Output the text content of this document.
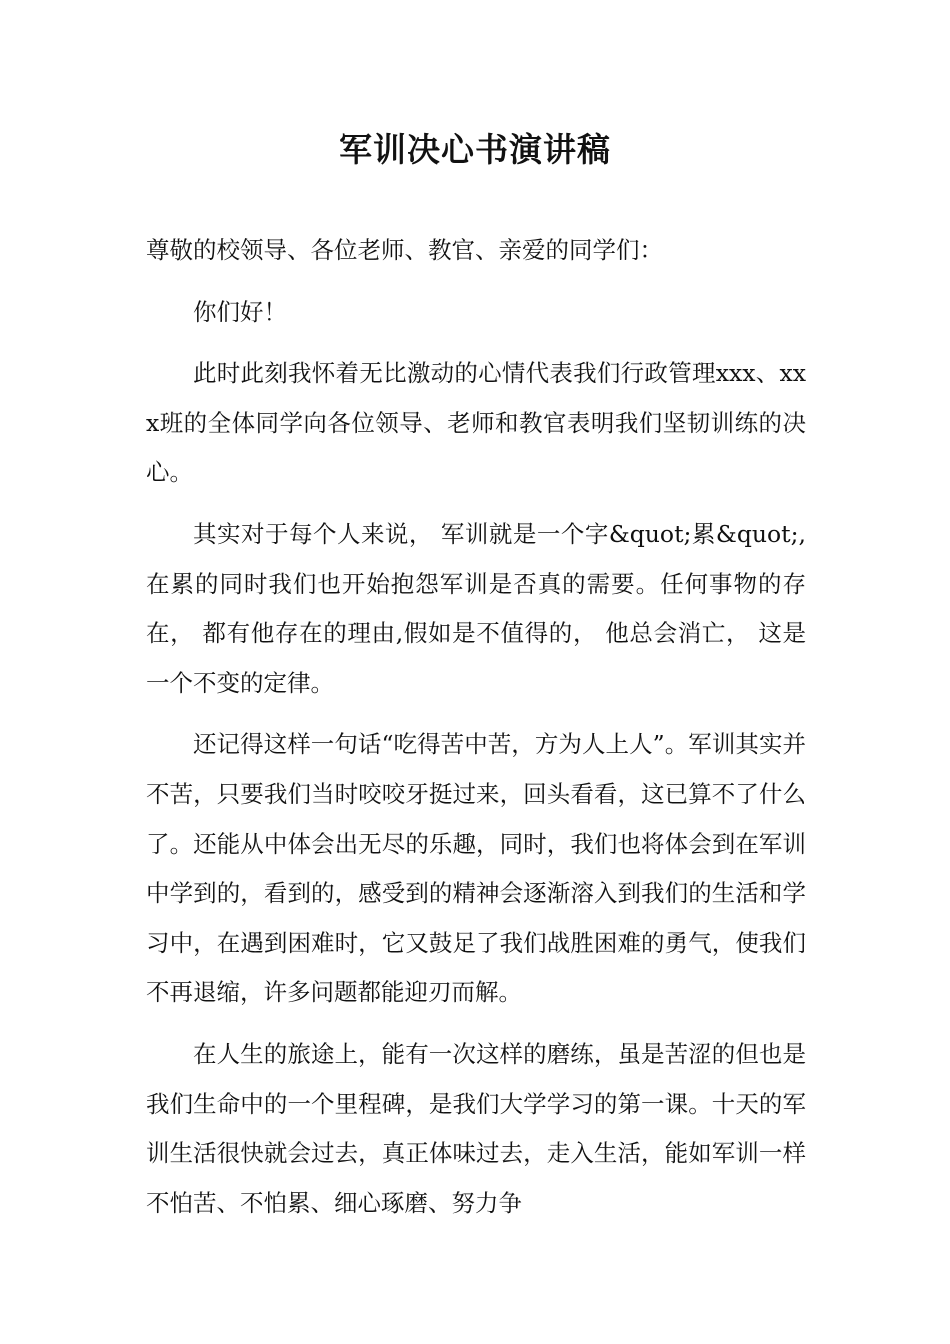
军训决心书演讲稿

尊敬的校领导、各位老师、教官、亲爱的同学们：

你们好！

此时此刻我怀着无比激动的心情代表我们行政管理xxx、xxx班的全体同学向各位领导、老师和教官表明我们坚韧训练的决心。

其实对于每个人来说， 军训就是一个字&quot;累&quot;,在累的同时我们也开始抱怨军训是否真的需要。任何事物的存在， 都有他存在的理由,假如是不值得的， 他总会消亡， 这是一个不变的定律。

还记得这样一句话“吃得苦中苦，方为人上人”。军训其实并不苦，只要我们当时咬咬牙挺过来，回头看看，这已算不了什么了。还能从中体会出无尽的乐趣，同时，我们也将体会到在军训中学到的，看到的，感受到的精神会逐渐溶入到我们的生活和学习中，在遇到困难时，它又鼓足了我们战胜困难的勇气，使我们不再退缩，许多问题都能迎刃而解。

在人生的旅途上，能有一次这样的磨练，虽是苦涩的但也是我们生命中的一个里程碑，是我们大学学习的第一课。十天的军训生活很快就会过去，真正体味过去，走入生活，能如军训一样不怕苦、不怕累、细心琢磨、努力争
